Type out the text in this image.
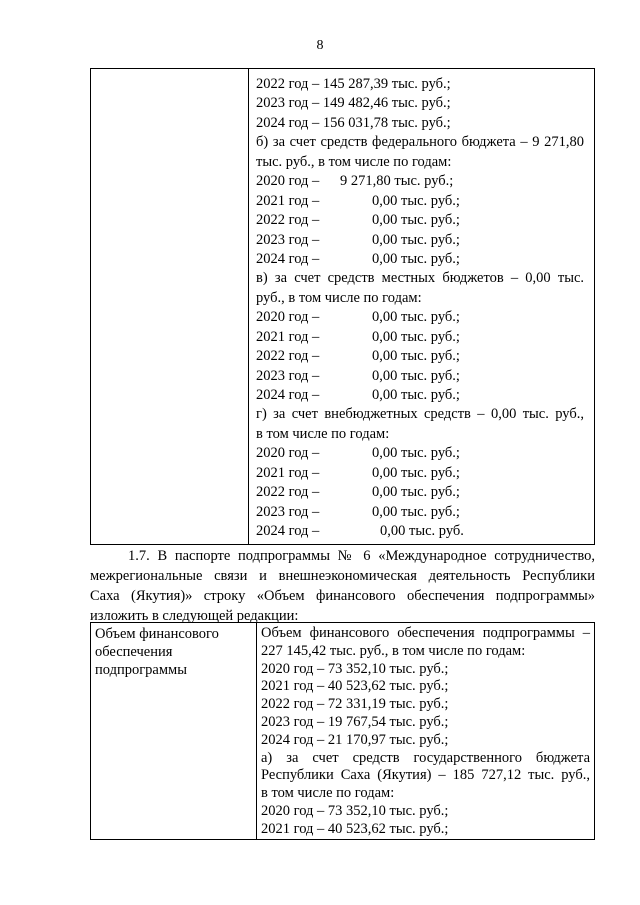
8

2022 год – 145 287,39 тыс. руб.;
2023 год – 149 482,46 тыс. руб.;
2024 год – 156 031,78 тыс. руб.;
б) за счет средств федерального бюджета – 9 271,80
тыс. руб., в том числе по годам:
2020 год – 9 271,80 тыс. руб.;
2021 год –	0,00 тыс. руб.;
2022 год –	0,00 тыс. руб.;
2023 год –	0,00 тыс. руб.;
2024 год –	0,00 тыс. руб.;
в) за счет средств местных бюджетов – 0,00 тыс.
руб., в том числе по годам:
2020 год –	0,00 тыс. руб.;
2021 год –	0,00 тыс. руб.;
2022 год –	0,00 тыс. руб.;
2023 год –	0,00 тыс. руб.;
2024 год –	0,00 тыс. руб.;
г) за счет внебюджетных средств – 0,00 тыс. руб.,
в том числе по годам:
2020 год –	0,00 тыс. руб.;
2021 год –	0,00 тыс. руб.;
2022 год –	0,00 тыс. руб.;
2023 год –	0,00 тыс. руб.;
2024 год –	0,00 тыс. руб.
1.7. В паспорте подпрограммы № 6 «Международное сотрудничество,
межрегиональные связи и внешнеэкономическая деятельность Республики
Саха (Якутия)» строку «Объем финансового обеспечения подпрограммы»
изложить в следующей редакции:
Объем финансового
обеспечения
подпрограммы

Объем финансового обеспечения подпрограммы –
227 145,42 тыс. руб., в том числе по годам:
2020 год – 73 352,10 тыс. руб.;
2021 год – 40 523,62 тыс. руб.;
2022 год – 72 331,19 тыс. руб.;
2023 год – 19 767,54 тыс. руб.;
2024 год – 21 170,97 тыс. руб.;
а) за счет средств государственного бюджета
Республики Саха (Якутия) – 185 727,12 тыс. руб.,
в том числе по годам:
2020 год – 73 352,10 тыс. руб.;
2021 год – 40 523,62 тыс. руб.;
